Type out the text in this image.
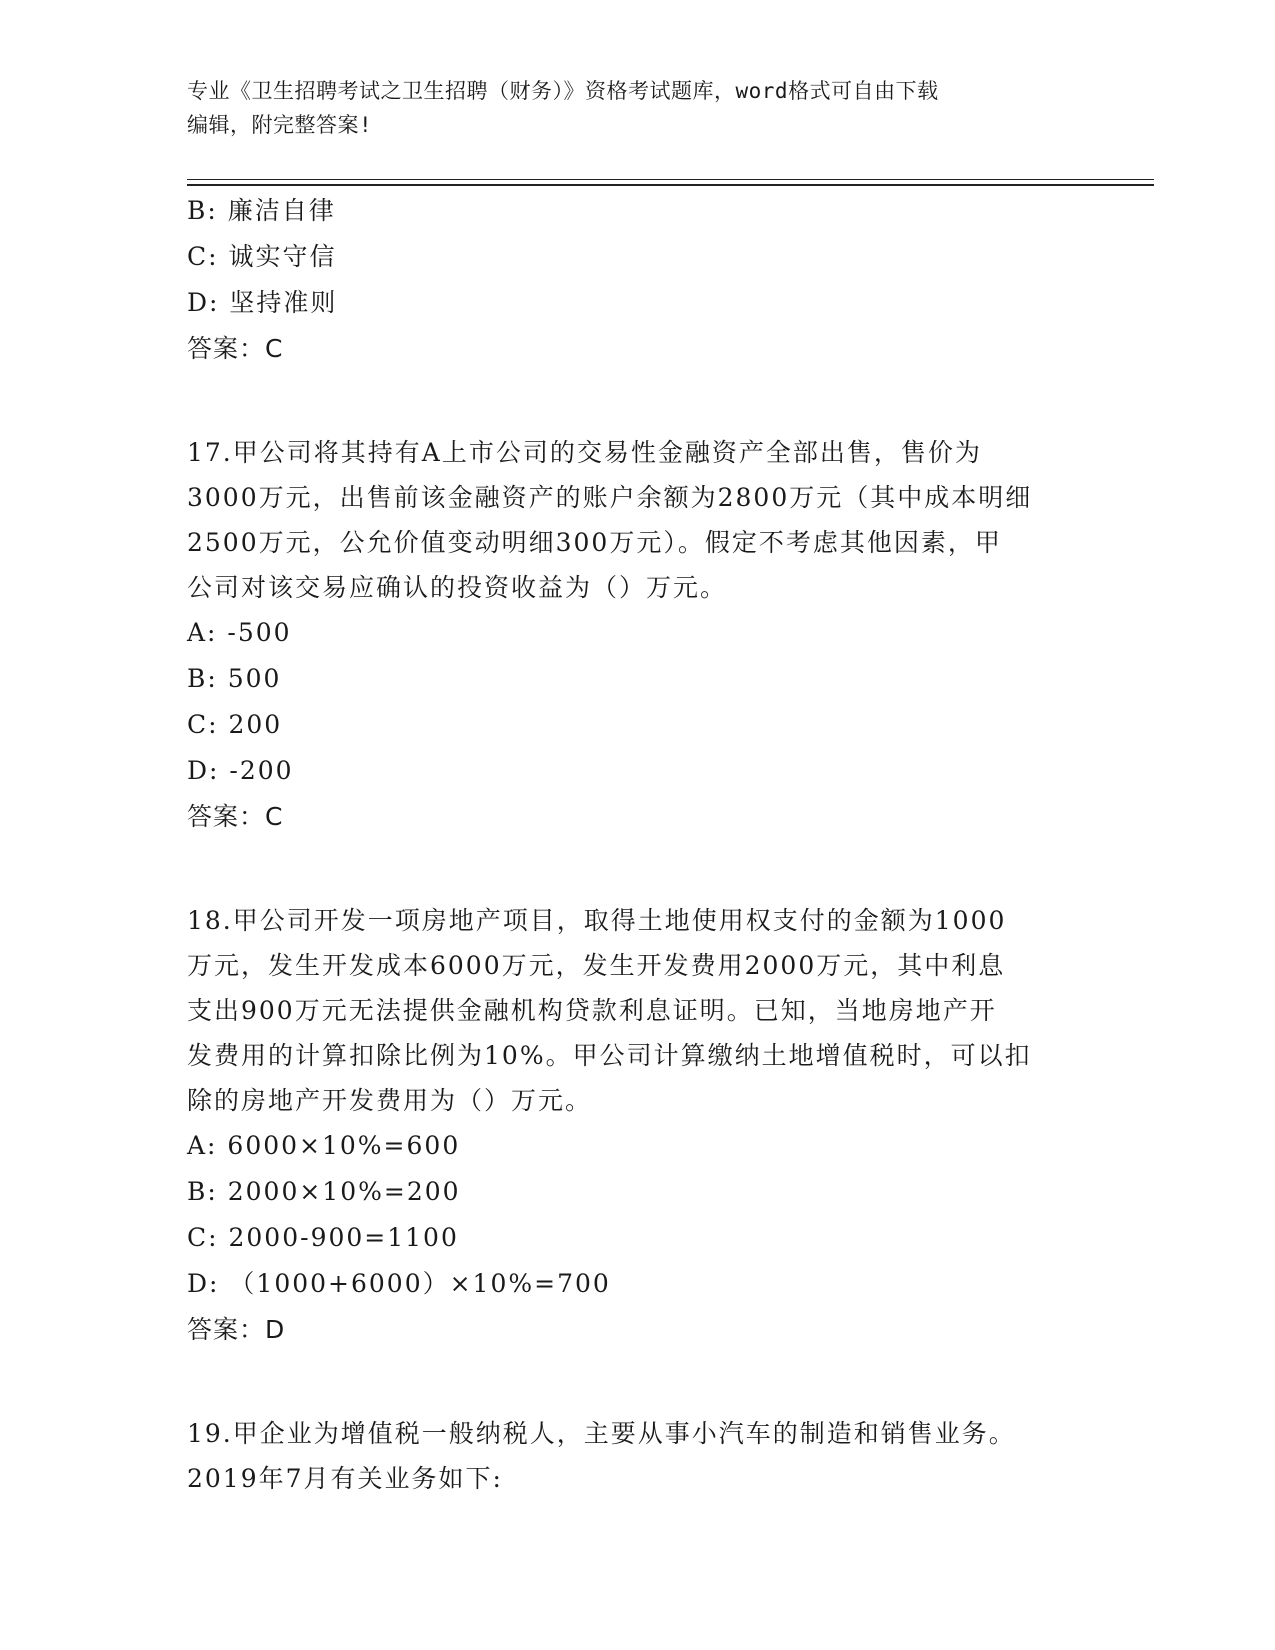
专业《卫生招聘考试之卫生招聘（财务）》资格考试题库，word格式可自由下载
编辑，附完整答案!
B: 廉洁自律
C: 诚实守信
D: 坚持准则
答案：C
17.甲公司将其持有A上市公司的交易性金融资产全部出售，售价为
3000万元，出售前该金融资产的账户余额为2800万元（其中成本明细
2500万元，公允价值变动明细300万元）。假定不考虑其他因素，甲
公司对该交易应确认的投资收益为（）万元。
A: -500
B: 500
C: 200
D: -200
答案：C
18.甲公司开发一项房地产项目，取得土地使用权支付的金额为1000
万元，发生开发成本6000万元，发生开发费用2000万元，其中利息
支出900万元无法提供金融机构贷款利息证明。已知，当地房地产开
发费用的计算扣除比例为10%。甲公司计算缴纳土地增值税时，可以扣
除的房地产开发费用为（）万元。
A: 6000×10%=600
B: 2000×10%=200
C: 2000-900=1100
D: （1000+6000）×10%=700
答案：D
19.甲企业为增值税一般纳税人，主要从事小汽车的制造和销售业务。
2019年7月有关业务如下:
